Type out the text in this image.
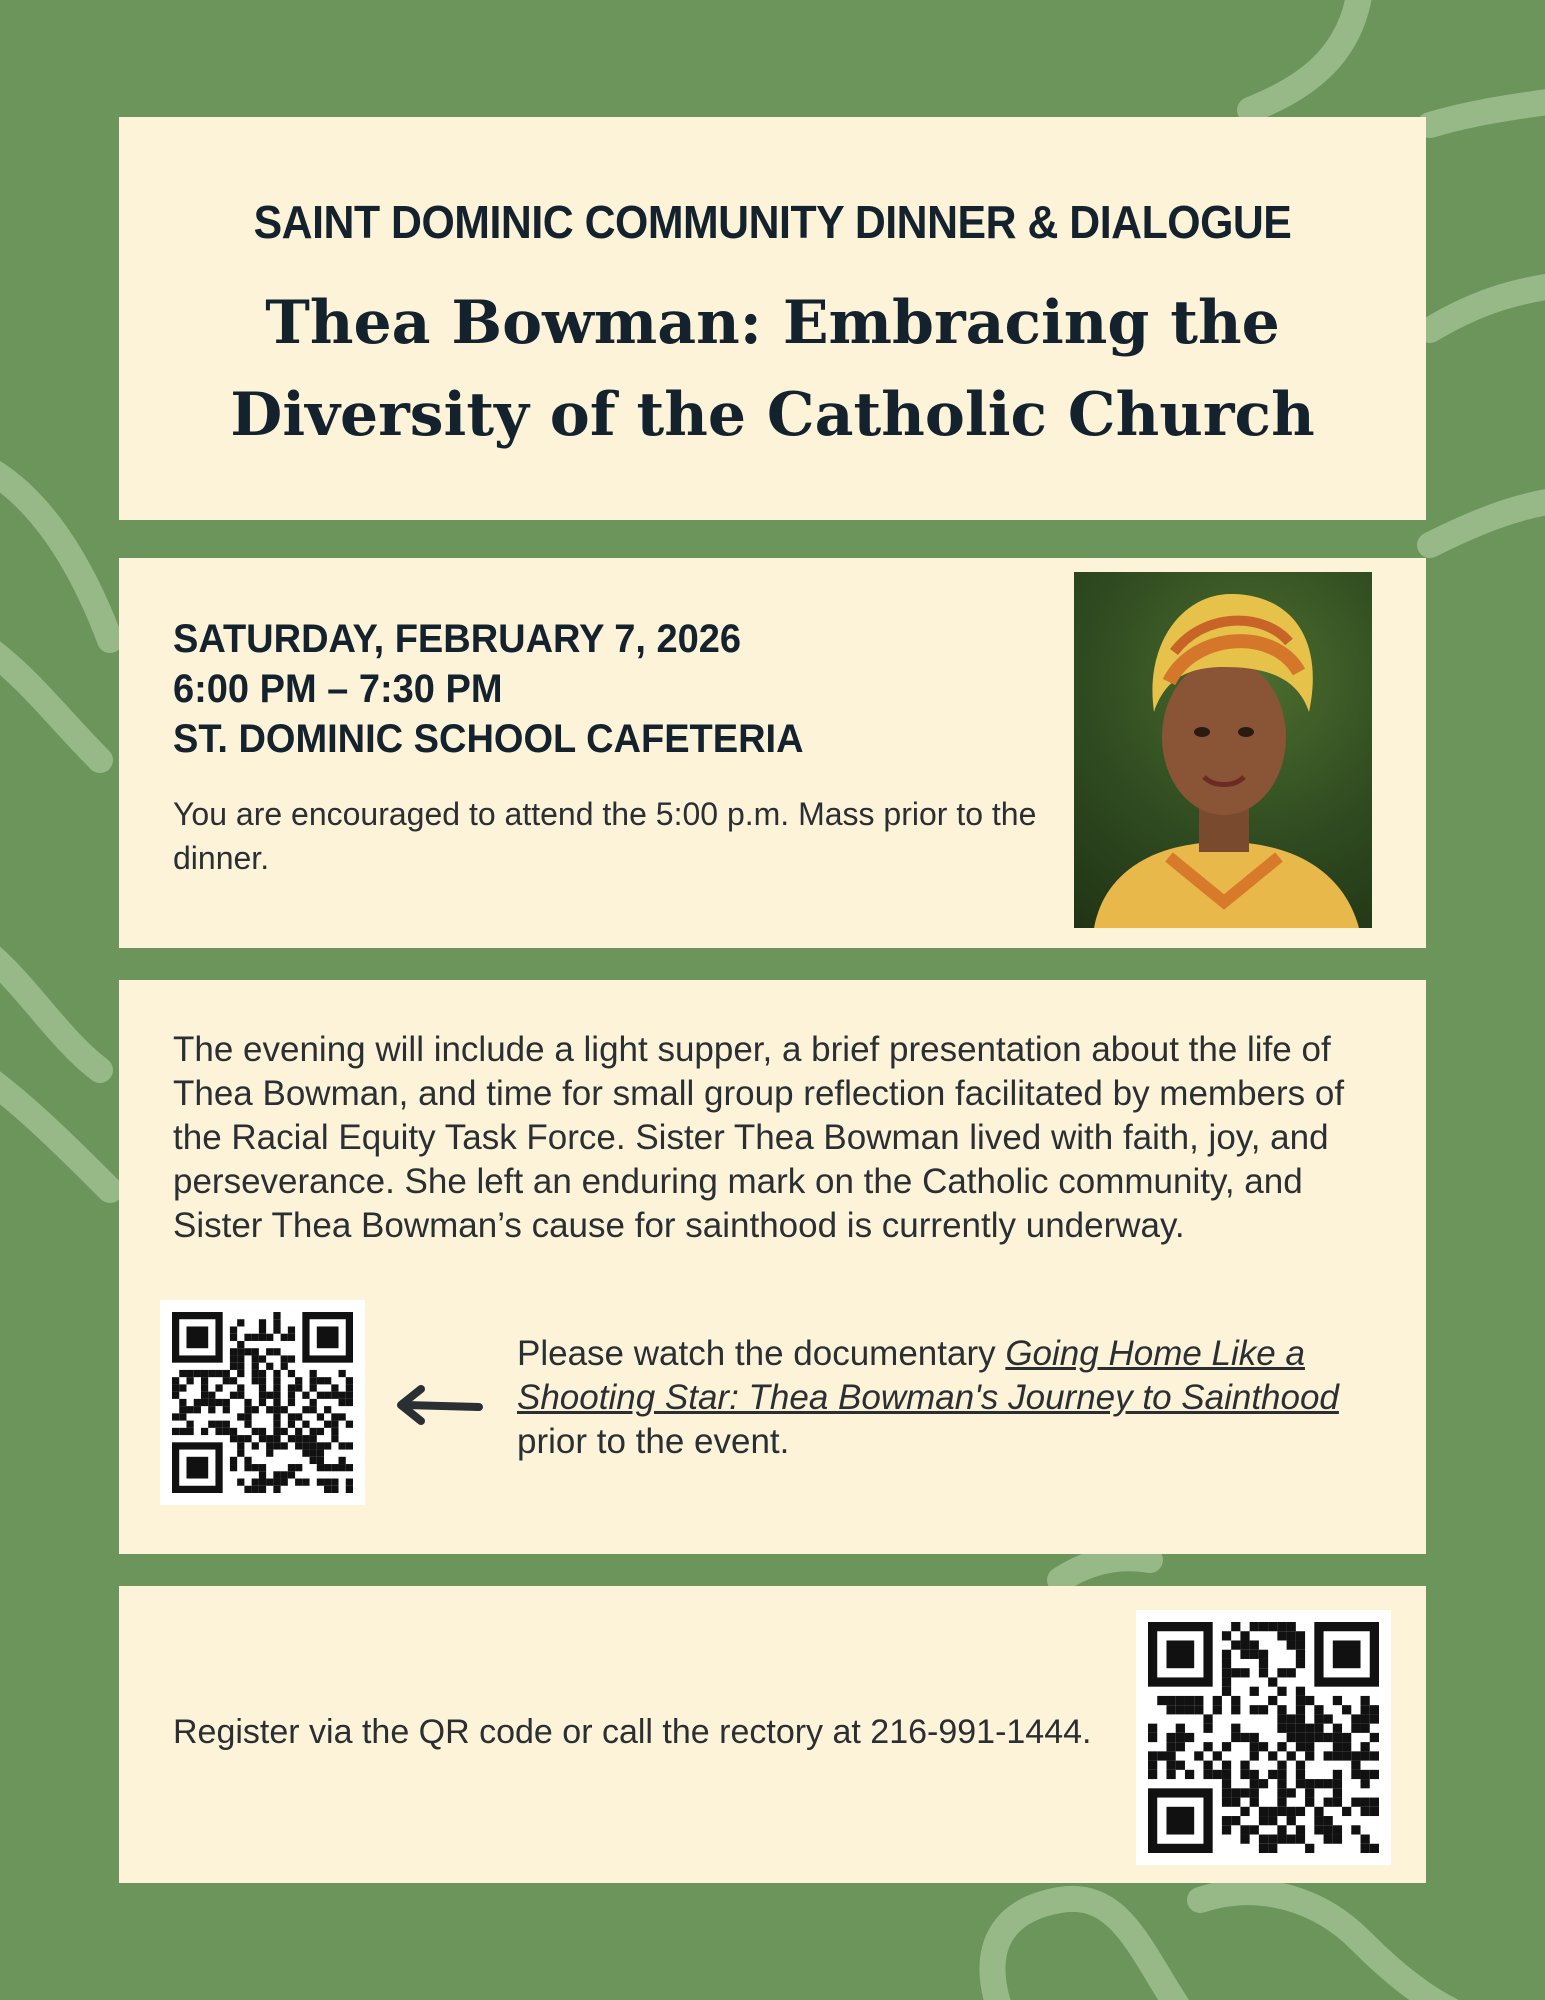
SAINT DOMINIC COMMUNITY DINNER & DIALOGUE
Thea Bowman: Embracing the
Diversity of the Catholic Church
SATURDAY, FEBRUARY 7, 2026
6:00 PM – 7:30 PM
ST. DOMINIC SCHOOL CAFETERIA
You are encouraged to attend the 5:00 p.m. Mass prior to the dinner.
The evening will include a light supper, a brief presentation about the life of Thea Bowman, and time for small group reflection facilitated by members of the Racial Equity Task Force. Sister Thea Bowman lived with faith, joy, and perseverance. She left an enduring mark on the Catholic community, and Sister Thea Bowman’s cause for sainthood is currently underway.
Please watch the documentary Going Home Like a Shooting Star: Thea Bowman's Journey to Sainthood prior to the event.
Register via the QR code or call the rectory at 216-991-1444.
